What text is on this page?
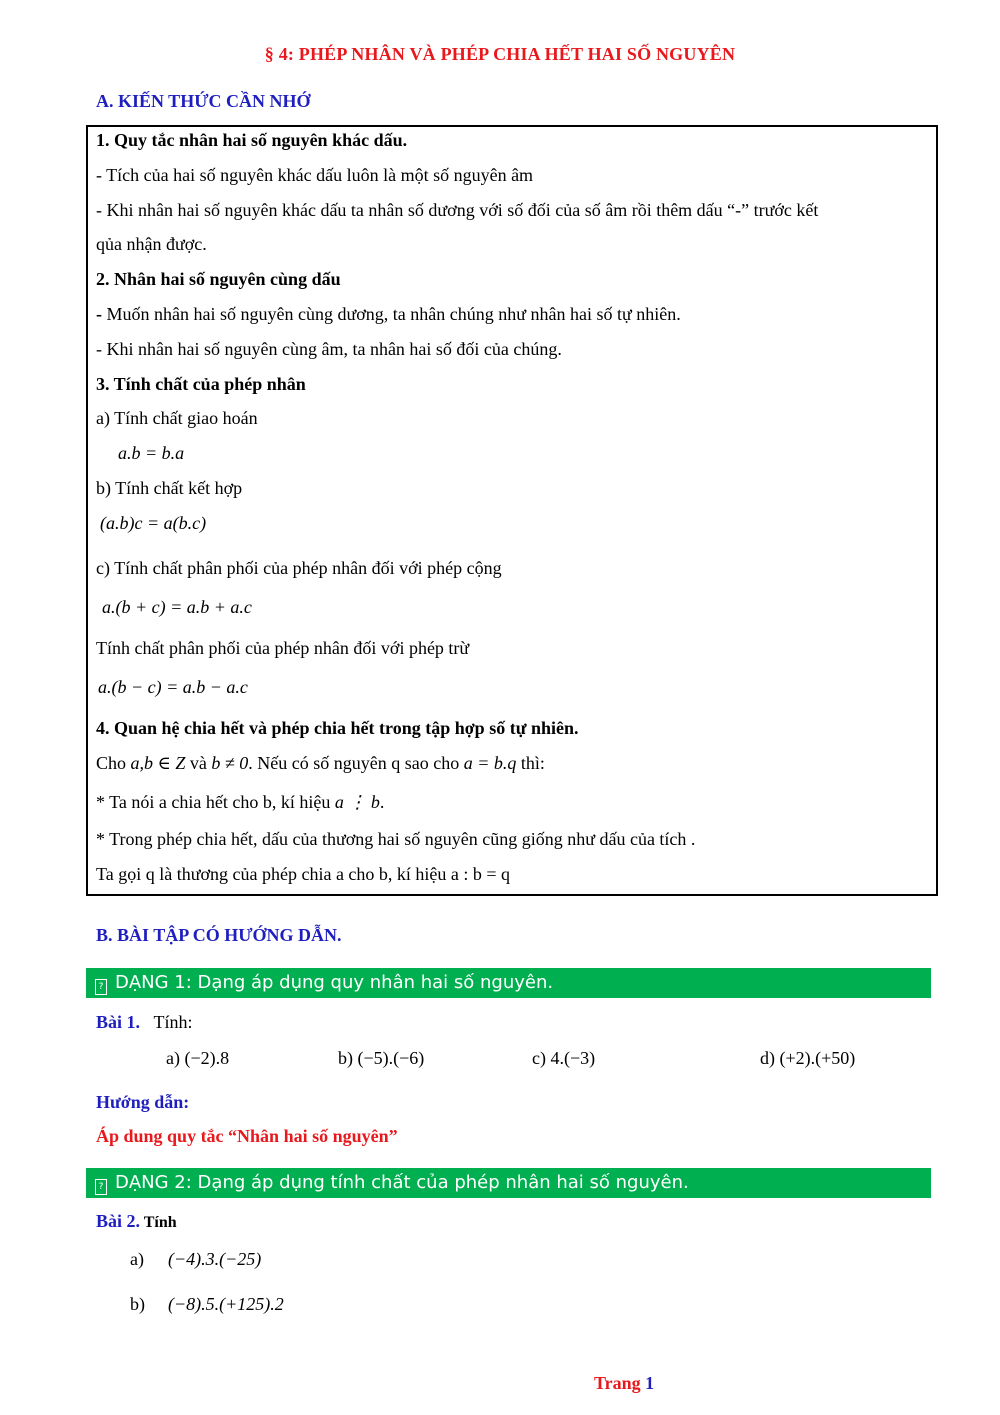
§ 4: PHÉP NHÂN VÀ PHÉP CHIA HẾT HAI SỐ NGUYÊN
A. KIẾN THỨC CẦN NHỚ
1. Quy tắc nhân hai số nguyên khác dấu.
- Tích của hai số nguyên khác dấu luôn là một số nguyên âm
- Khi nhân hai số nguyên khác dấu ta nhân số dương với số đối của số âm rồi thêm dấu “-” trước kết
qủa nhận được.
2. Nhân hai số nguyên cùng dấu
- Muốn nhân hai số nguyên cùng dương, ta nhân chúng như nhân hai số tự nhiên.
- Khi nhân hai số nguyên cùng âm, ta nhân hai số đối của chúng.
3. Tính chất của phép nhân
a) Tính chất giao hoán
a.b = b.a
b) Tính chất kết hợp
(a.b)c = a(b.c)
c) Tính chất phân phối của phép nhân đối với phép cộng
a.(b + c) = a.b + a.c
Tính chất phân phối của phép nhân đối với phép trừ
a.(b − c) = a.b − a.c
4. Quan hệ chia hết và phép chia hết trong tập hợp số tự nhiên.
Cho a,b ∈ Z và b ≠ 0. Nếu có số nguyên q sao cho a = b.q thì:
* Ta nói a chia hết cho b, kí hiệu a ⋮ b.
* Trong phép chia hết, dấu của thương hai số nguyên cũng giống như dấu của tích .
Ta gọi q là thương của phép chia a cho b, kí hiệu a : b = q
B. BÀI TẬP CÓ HƯỚNG DẪN.
? DẠNG 1: Dạng áp dụng quy nhân hai số nguyên.
Bài 1. Tính:
a) (−2).8	b) (−5).(−6)	c) 4.(−3)	d) (+2).(+50)
Hướng dẫn:
Áp dung quy tắc “Nhân hai số nguyên”
? DẠNG 2: Dạng áp dụng tính chất của phép nhân hai số nguyên.
Bài 2. Tính
a) (−4).3.(−25)
b) (−8).5.(+125).2
Trang 1
